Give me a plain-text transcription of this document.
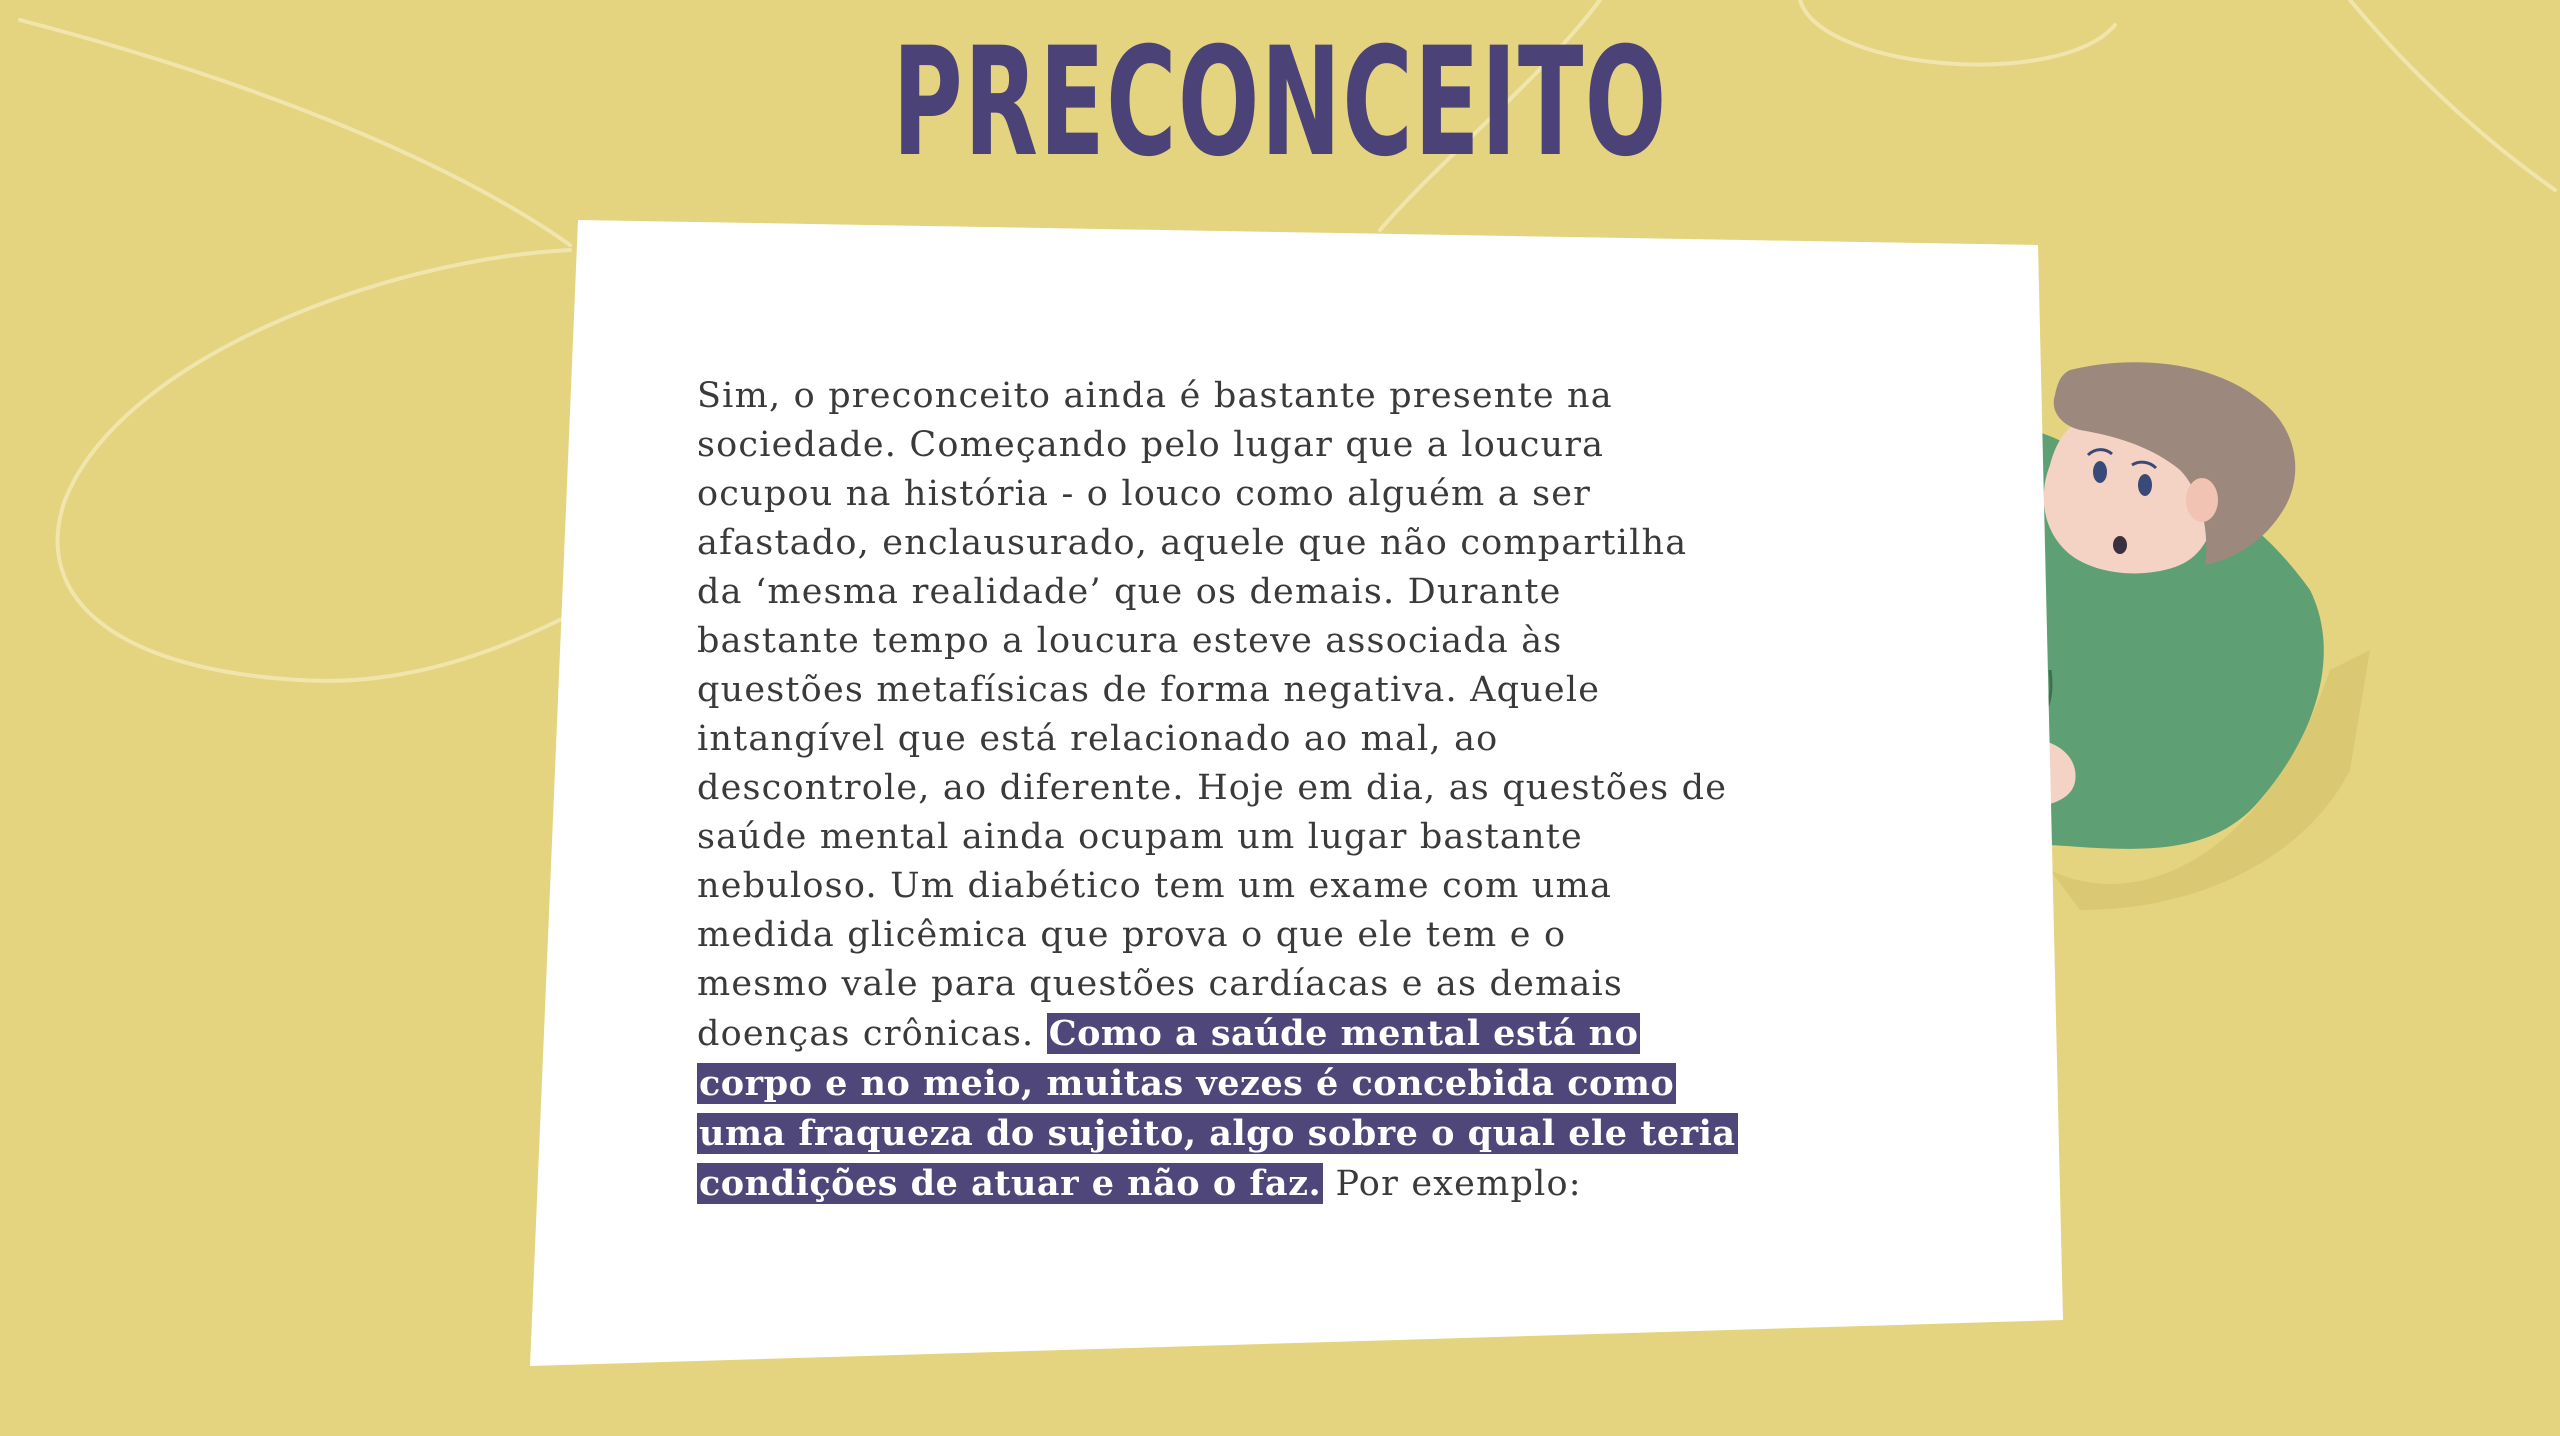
PRECONCEITO
Sim, o preconceito ainda é bastante presente na
sociedade. Começando pelo lugar que a loucura
ocupou na história - o louco como alguém a ser
afastado, enclausurado, aquele que não compartilha
da ‘mesma realidade’ que os demais. Durante
bastante tempo a loucura esteve associada às
questões metafísicas de forma negativa. Aquele
intangível que está relacionado ao mal, ao
descontrole, ao diferente. Hoje em dia, as questões de
saúde mental ainda ocupam um lugar bastante
nebuloso. Um diabético tem um exame com uma
medida glicêmica que prova o que ele tem e o
mesmo vale para questões cardíacas e as demais
doenças crônicas. Como a saúde mental está no
corpo e no meio, muitas vezes é concebida como
uma fraqueza do sujeito, algo sobre o qual ele teria
condições de atuar e não o faz. Por exemplo:
